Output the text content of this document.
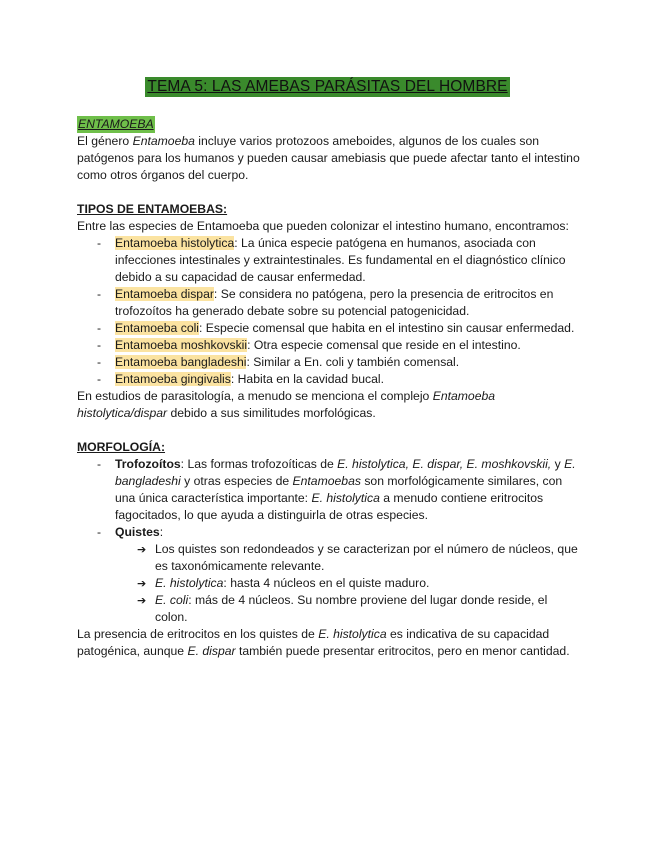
TEMA 5: LAS AMEBAS PARÁSITAS DEL HOMBRE

ENTAMOEBA

El género Entamoeba incluye varios protozoos ameboides, algunos de los cuales son patógenos para los humanos y pueden causar amebiasis que puede afectar tanto el intestino como otros órganos del cuerpo.

TIPOS DE ENTAMOEBAS:

Entre las especies de Entamoeba que pueden colonizar el intestino humano, encontramos:

- Entamoeba histolytica: La única especie patógena en humanos, asociada con infecciones intestinales y extraintestinales. Es fundamental en el diagnóstico clínico debido a su capacidad de causar enfermedad.
- Entamoeba dispar: Se considera no patógena, pero la presencia de eritrocitos en trofozoítos ha generado debate sobre su potencial patogenicidad.
- Entamoeba coli: Especie comensal que habita en el intestino sin causar enfermedad.
- Entamoeba moshkovskii: Otra especie comensal que reside en el intestino.
- Entamoeba bangladeshi: Similar a En. coli y también comensal.
- Entamoeba gingivalis: Habita en la cavidad bucal.

En estudios de parasitología, a menudo se menciona el complejo Entamoeba histolytica/dispar debido a sus similitudes morfológicas.

MORFOLOGÍA:

- Trofozoítos: Las formas trofozoíticas de E. histolytica, E. dispar, E. moshkovskii, y E. bangladeshi y otras especies de Entamoebas son morfológicamente similares, con una única característica importante: E. histolytica a menudo contiene eritrocitos fagocitados, lo que ayuda a distinguirla de otras especies.
- Quistes:
➔ Los quistes son redondeados y se caracterizan por el número de núcleos, que es taxonómicamente relevante.
➔ E. histolytica: hasta 4 núcleos en el quiste maduro.
➔ E. coli: más de 4 núcleos. Su nombre proviene del lugar donde reside, el colon.

La presencia de eritrocitos en los quistes de E. histolytica es indicativa de su capacidad patogénica, aunque E. dispar también puede presentar eritrocitos, pero en menor cantidad.
